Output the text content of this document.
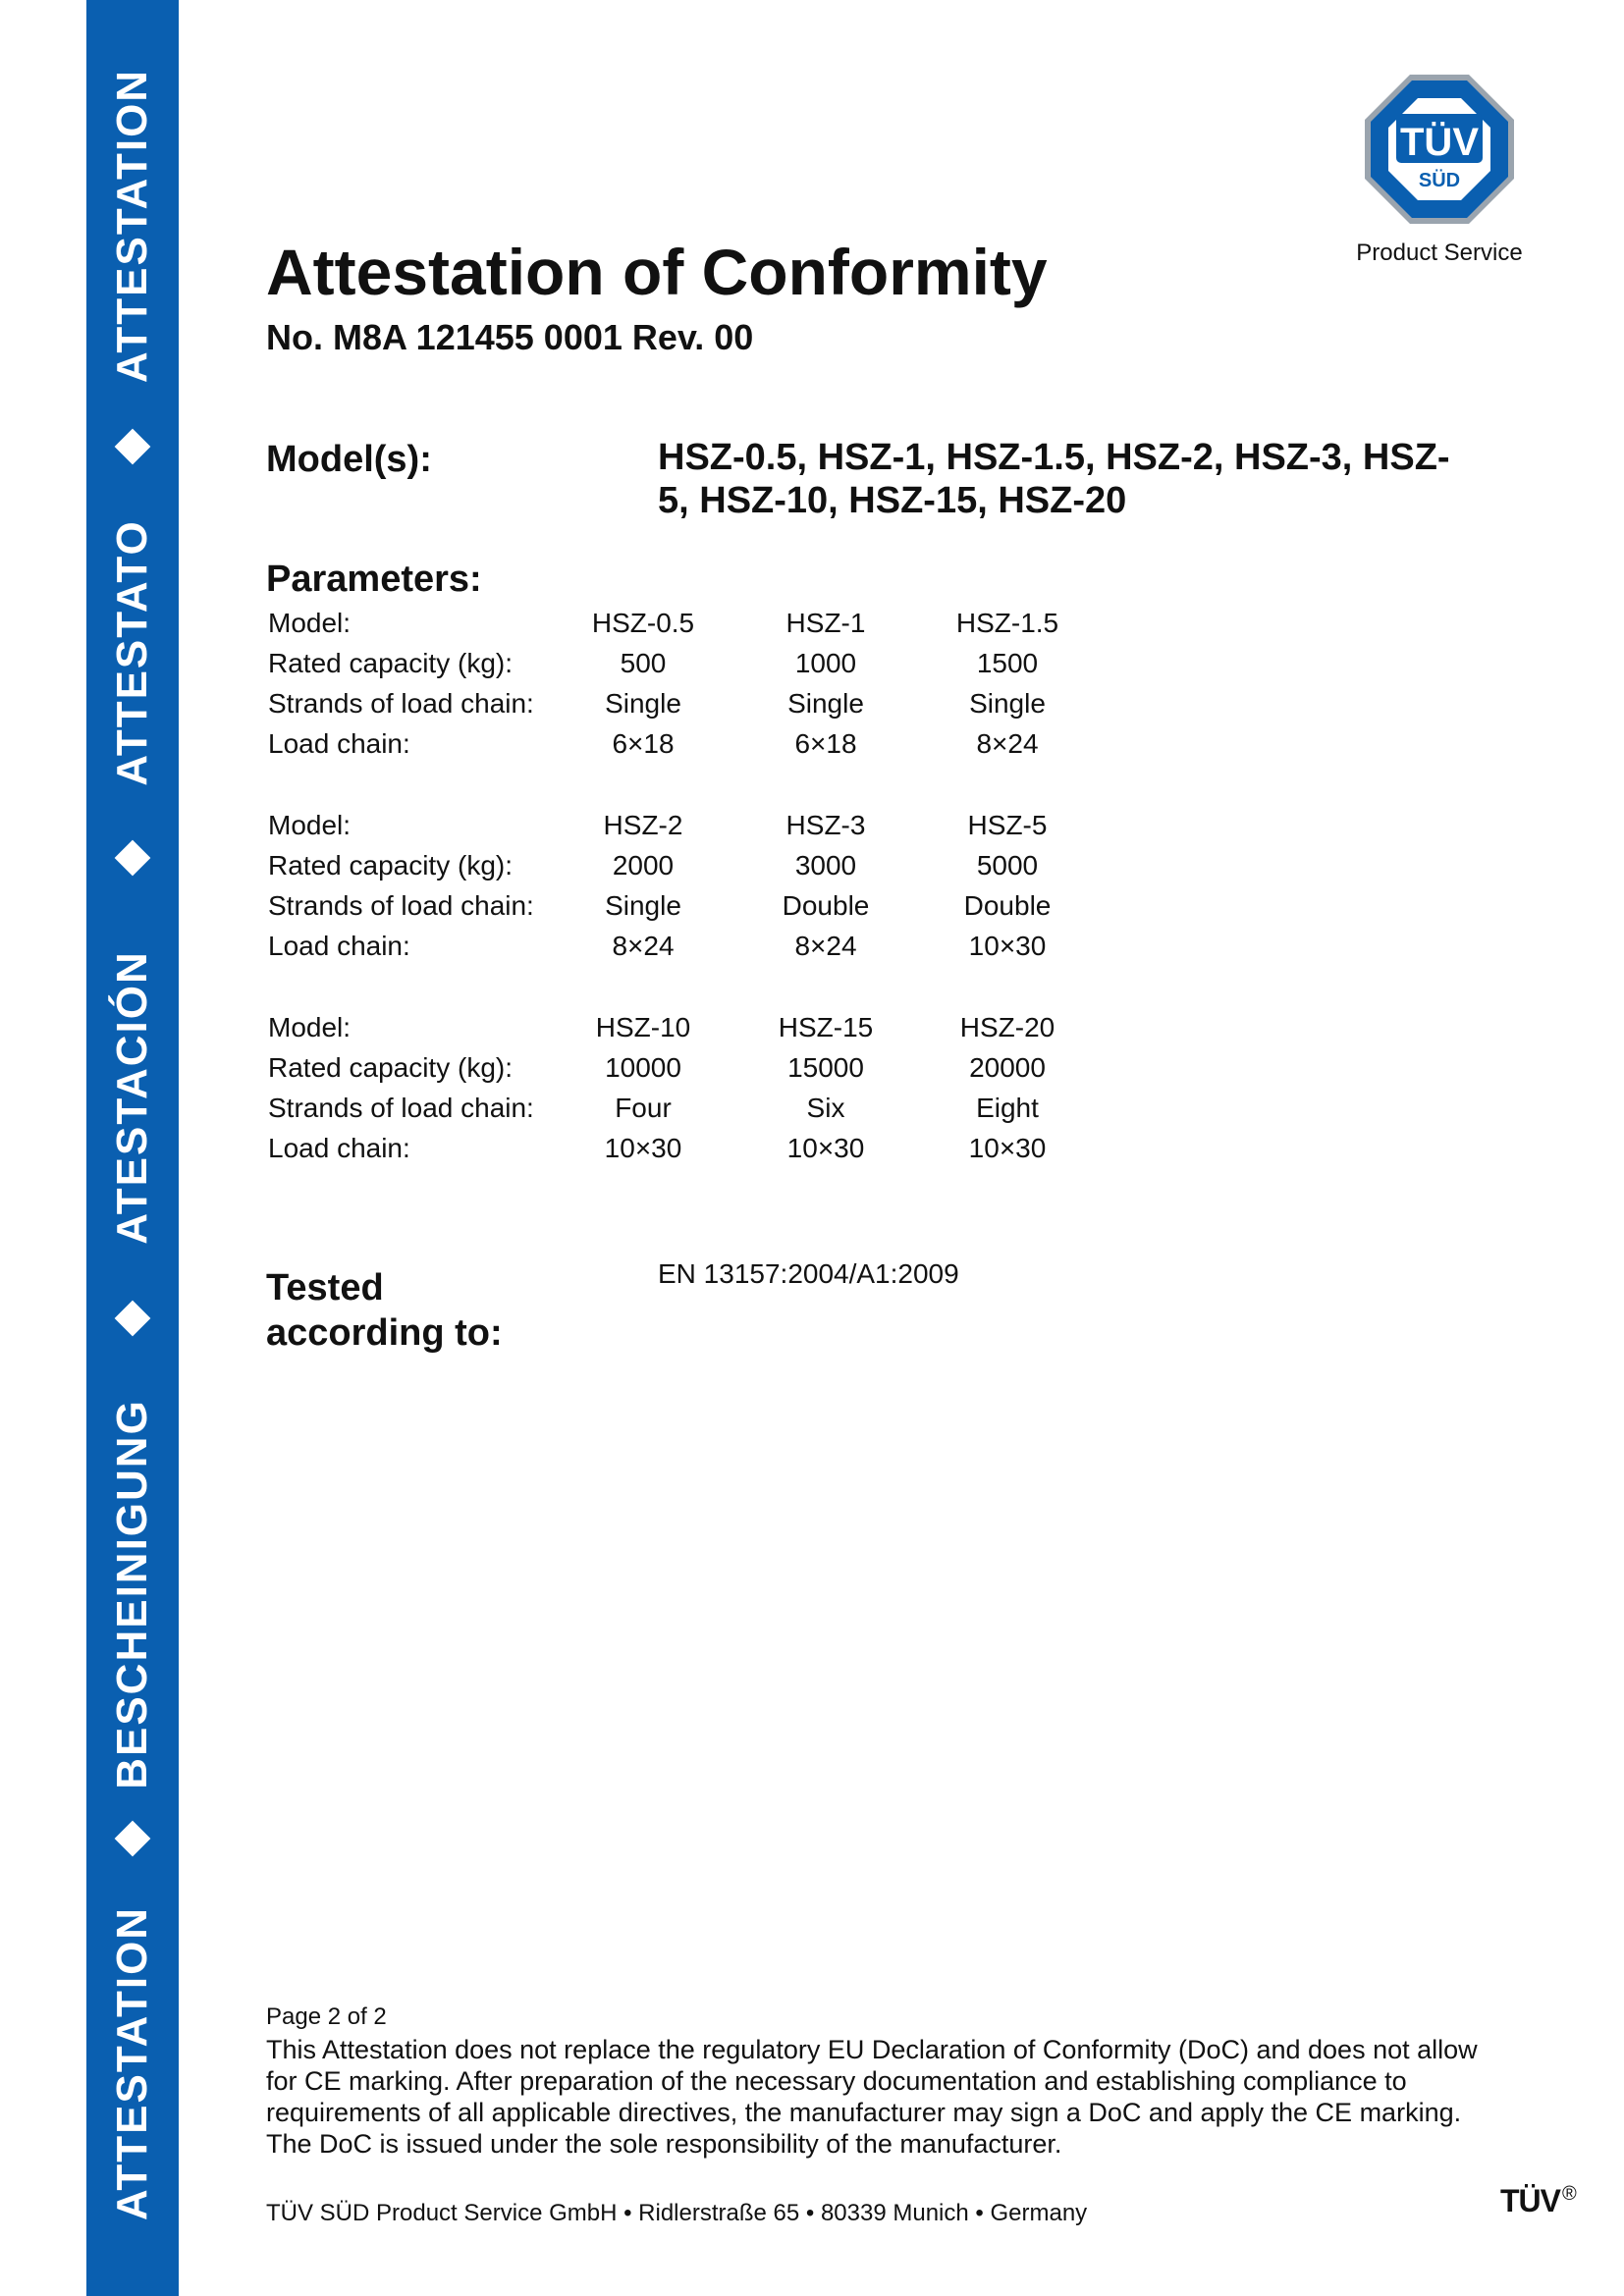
ATTESTATION
ATTESTATO
ATESTACIÓN
BESCHEINIGUNG
ATTESTATION
TÜV
SÜD
Product Service
Attestation of Conformity
No. M8A 121455 0001 Rev. 00
Model(s):	HSZ-0.5, HSZ-1, HSZ-1.5, HSZ-2, HSZ-3, HSZ-
5, HSZ-10, HSZ-15, HSZ-20
Parameters:
Model:	HSZ-0.5	HSZ-1	HSZ-1.5
Rated capacity (kg):	500	1000	1500
Strands of load chain:	Single	Single	Single
Load chain:	6×18	6×18	8×24
Model:	HSZ-2	HSZ-3	HSZ-5
Rated capacity (kg):	2000	3000	5000
Strands of load chain:	Single	Double	Double
Load chain:	8×24	8×24	10×30
Model:	HSZ-10	HSZ-15	HSZ-20
Rated capacity (kg):	10000	15000	20000
Strands of load chain:	Four	Six	Eight
Load chain:	10×30	10×30	10×30
Tested
according to:
EN 13157:2004/A1:2009
Page 2 of 2
This Attestation does not replace the regulatory EU Declaration of Conformity (DoC) and does not allow for CE marking. After preparation of the necessary documentation and establishing compliance to requirements of all applicable directives, the manufacturer may sign a DoC and apply the CE marking. The DoC is issued under the sole responsibility of the manufacturer.
TÜV SÜD Product Service GmbH • Ridlerstraße 65 • 80339 Munich • Germany	TÜV ®
